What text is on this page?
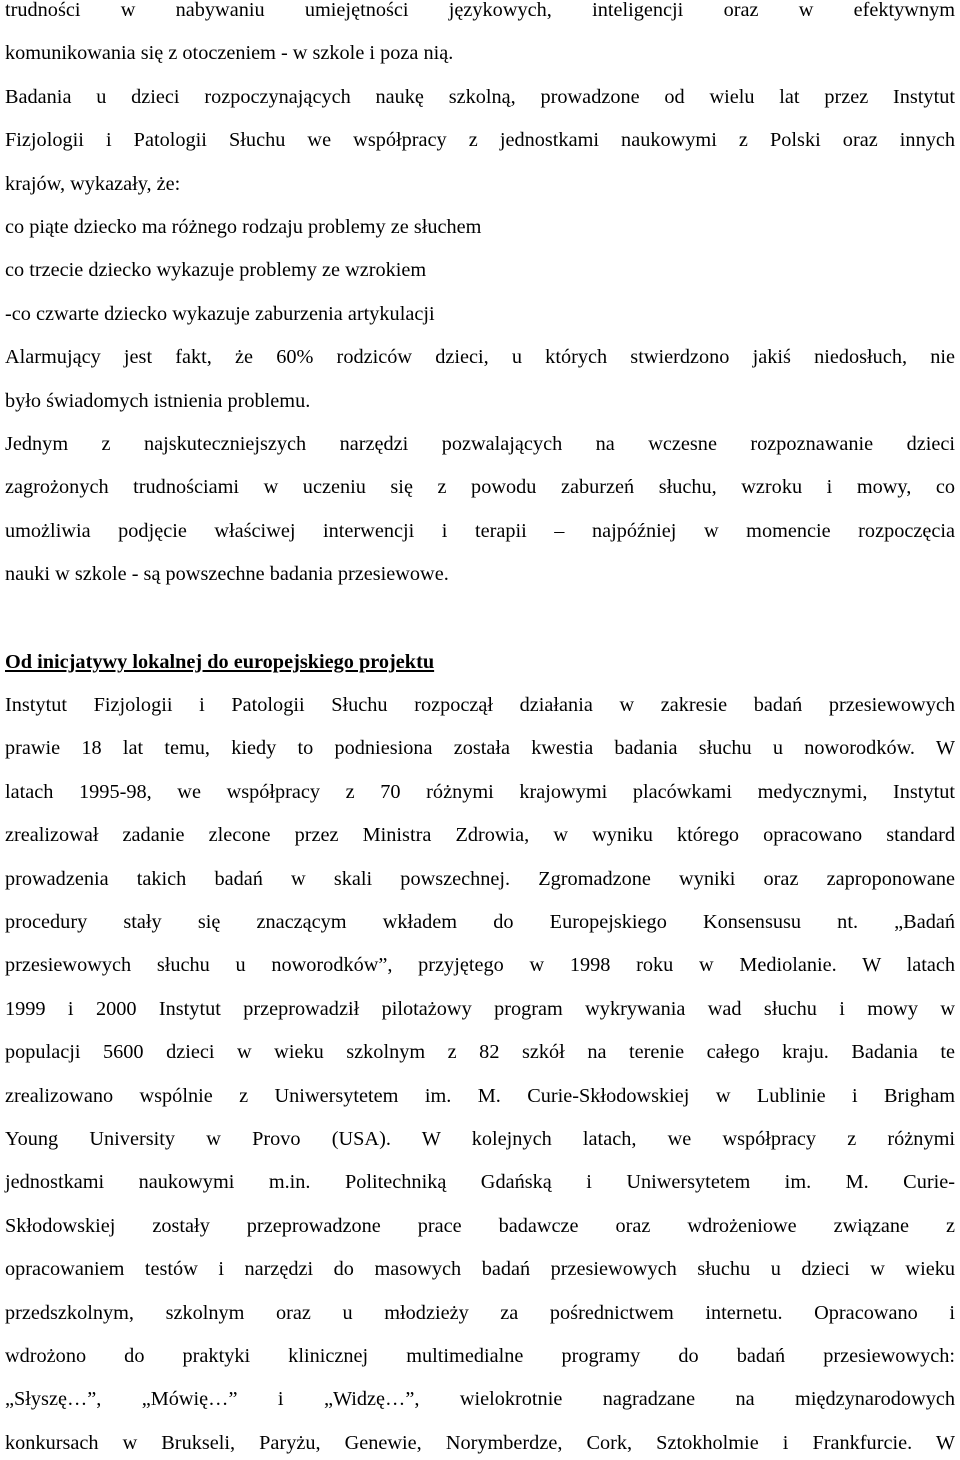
trudności w nabywaniu umiejętności językowych, inteligencji oraz w efektywnym
komunikowania się z otoczeniem - w szkole i poza nią.
Badania u dzieci rozpoczynających naukę szkolną, prowadzone od wielu lat przez Instytut
Fizjologii i Patologii Słuchu we współpracy z jednostkami naukowymi z Polski oraz innych
krajów, wykazały, że:
co piąte dziecko ma różnego rodzaju problemy ze słuchem
co trzecie dziecko wykazuje problemy ze wzrokiem
-co czwarte dziecko wykazuje zaburzenia artykulacji
Alarmujący jest fakt, że 60% rodziców dzieci, u których stwierdzono jakiś niedosłuch, nie
było świadomych istnienia problemu.
Jednym z najskuteczniejszych narzędzi pozwalających na wczesne rozpoznawanie dzieci
zagrożonych trudnościami w uczeniu się z powodu zaburzeń słuchu, wzroku i mowy, co
umożliwia podjęcie właściwej interwencji i terapii – najpóźniej w momencie rozpoczęcia
nauki w szkole - są powszechne badania przesiewowe.
Od inicjatywy lokalnej do europejskiego projektu
Instytut Fizjologii i Patologii Słuchu rozpoczął działania w zakresie badań przesiewowych
prawie 18 lat temu, kiedy to podniesiona została kwestia badania słuchu u noworodków. W
latach 1995-98, we współpracy z 70 różnymi krajowymi placówkami medycznymi, Instytut
zrealizował zadanie zlecone przez Ministra Zdrowia, w wyniku którego opracowano standard
prowadzenia takich badań w skali powszechnej. Zgromadzone wyniki oraz zaproponowane
procedury stały się znaczącym wkładem do Europejskiego Konsensusu nt. „Badań
przesiewowych słuchu u noworodków”, przyjętego w 1998 roku w Mediolanie. W latach
1999 i 2000 Instytut przeprowadził pilotażowy program wykrywania wad słuchu i mowy w
populacji 5600 dzieci w wieku szkolnym z 82 szkół na terenie całego kraju. Badania te
zrealizowano wspólnie z Uniwersytetem im. M. Curie-Skłodowskiej w Lublinie i Brigham
Young University w Provo (USA). W kolejnych latach, we współpracy z różnymi
jednostkami naukowymi m.in. Politechniką Gdańską i Uniwersytetem im. M. Curie-
Skłodowskiej zostały przeprowadzone prace badawcze oraz wdrożeniowe związane z
opracowaniem testów i narzędzi do masowych badań przesiewowych słuchu u dzieci w wieku
przedszkolnym, szkolnym oraz u młodzieży za pośrednictwem internetu. Opracowano i
wdrożono do praktyki klinicznej multimedialne programy do badań przesiewowych:
„Słyszę…”, „Mówię…” i „Widzę…”, wielokrotnie nagradzane na międzynarodowych
konkursach w Brukseli, Paryżu, Genewie, Norymberdze, Cork, Sztokholmie i Frankfurcie. W
